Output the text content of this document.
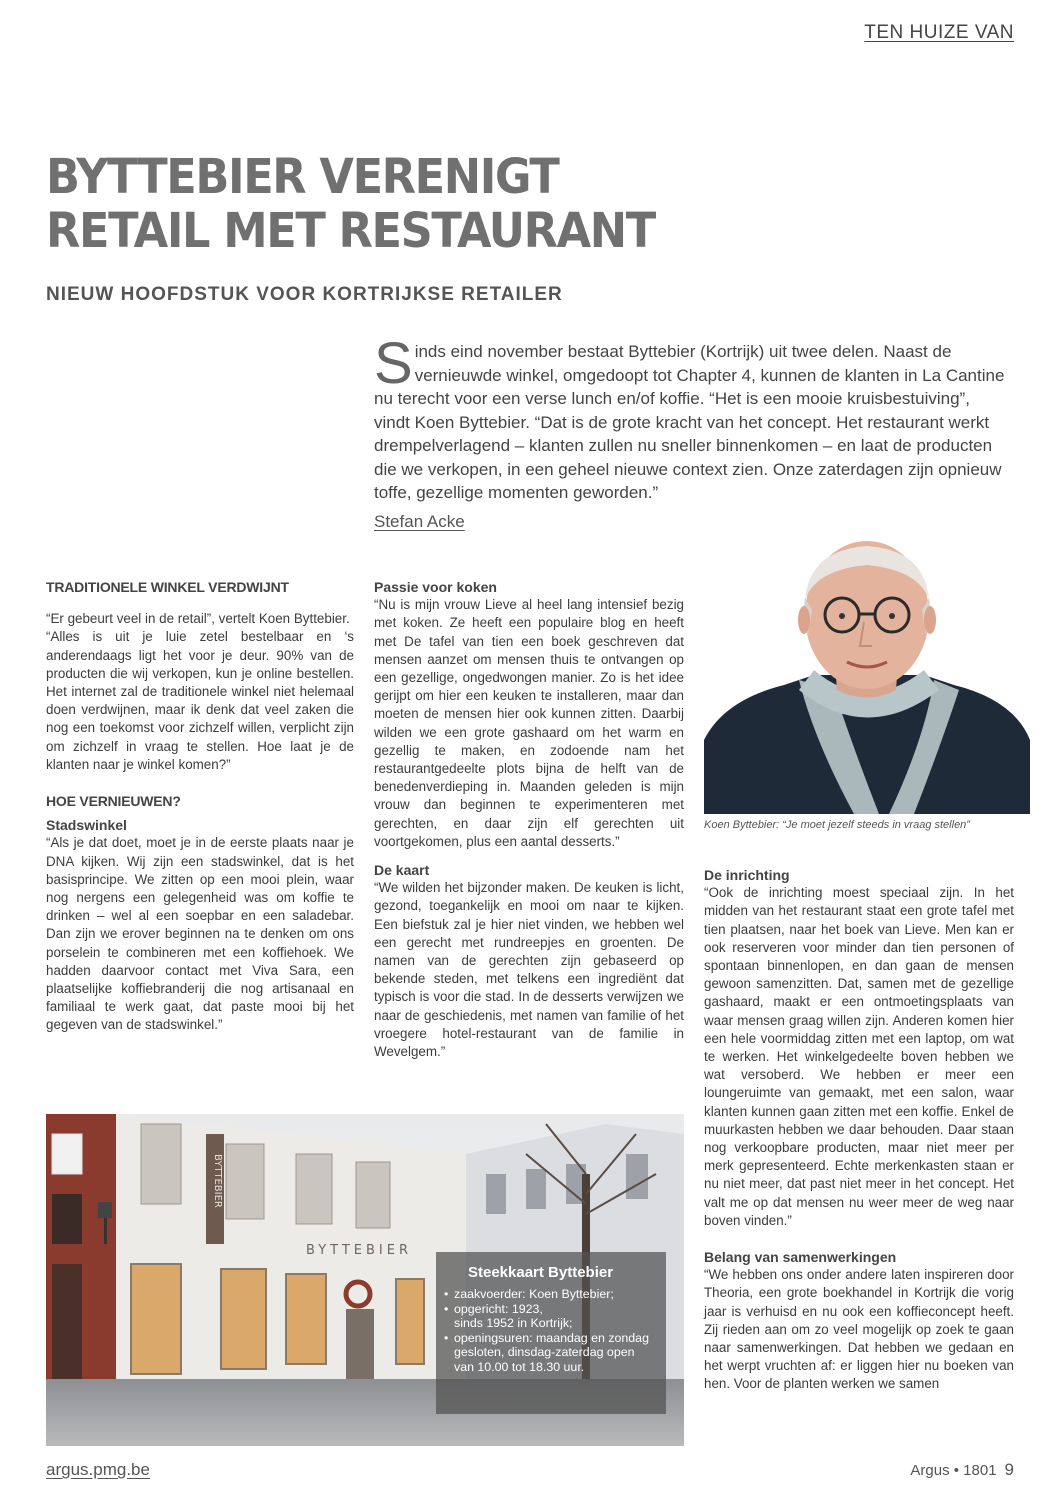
TEN HUIZE VAN
BYTTEBIER VERENIGT
RETAIL MET RESTAURANT
NIEUW HOOFDSTUK VOOR KORTRIJKSE RETAILER
Sinds eind november bestaat Byttebier (Kortrijk) uit twee delen. Naast de vernieuwde winkel, omgedoopt tot Chapter 4, kunnen de klanten in La Cantine nu terecht voor een verse lunch en/of koffie. “Het is een mooie kruisbestuiving”, vindt Koen Byttebier. “Dat is de grote kracht van het concept. Het restaurant werkt drempelverlagend – klanten zullen nu sneller binnenkomen – en laat de producten die we verkopen, in een geheel nieuwe context zien. Onze zaterdagen zijn opnieuw toffe, gezellige momenten geworden.”
Stefan Acke
TRADITIONELE WINKEL VERDWIJNT

“Er gebeurt veel in de retail”, vertelt Koen Byttebier.

“Alles is uit je luie zetel bestelbaar en ‘s anderendaags ligt het voor je deur. 90% van de producten die wij verkopen, kun je online bestellen. Het internet zal de traditionele winkel niet helemaal doen verdwijnen, maar ik denk dat veel zaken die nog een toekomst voor zichzelf willen, verplicht zijn om zichzelf in vraag te stellen. Hoe laat je de klanten naar je winkel komen?”

HOE VERNIEUWEN?
Stadswinkel

“Als je dat doet, moet je in de eerste plaats naar je DNA kijken. Wij zijn een stadswinkel, dat is het basisprincipe. We zitten op een mooi plein, waar nog nergens een gelegenheid was om koffie te drinken – wel al een soepbar en een saladebar. Dan zijn we erover beginnen na te denken om ons porselein te combineren met een koffiehoek. We hadden daarvoor contact met Viva Sara, een plaatselijke koffiebranderij die nog artisanaal en familiaal te werk gaat, dat paste mooi bij het gegeven van de stadswinkel.”

Passie voor koken

“Nu is mijn vrouw Lieve al heel lang intensief bezig met koken. Ze heeft een populaire blog en heeft met De tafel van tien een boek geschreven dat mensen aanzet om mensen thuis te ontvangen op een gezellige, ongedwongen manier. Zo is het idee gerijpt om hier een keuken te installeren, maar dan moeten de mensen hier ook kunnen zitten. Daarbij wilden we een grote gashaard om het warm en gezellig te maken, en zodoende nam het restaurantgedeelte plots bijna de helft van de benedenverdieping in. Maanden geleden is mijn vrouw dan beginnen te experimenteren met gerechten, en daar zijn elf gerechten uit voortgekomen, plus een aantal desserts.”

De kaart

“We wilden het bijzonder maken. De keuken is licht, gezond, toegankelijk en mooi om naar te kijken. Een biefstuk zal je hier niet vinden, we hebben wel een gerecht met rundreepjes en groenten. De namen van de gerechten zijn gebaseerd op bekende steden, met telkens een ingrediënt dat typisch is voor die stad. In de desserts verwijzen we naar de geschiedenis, met namen van familie of het vroegere hotel-restaurant van de familie in Wevelgem.”

Koen Byttebier: “Je moet jezelf steeds in vraag stellen”
De inrichting

“Ook de inrichting moest speciaal zijn. In het midden van het restaurant staat een grote tafel met tien plaatsen, naar het boek van Lieve. Men kan er ook reserveren voor minder dan tien personen of spontaan binnenlopen, en dan gaan de mensen gewoon samenzitten. Dat, samen met de gezellige gashaard, maakt er een ontmoetingsplaats van waar mensen graag willen zijn. Anderen komen hier een hele voormiddag zitten met een laptop, om wat te werken. Het winkelgedeelte boven hebben we wat versoberd. We hebben er meer een loungeruimte van gemaakt, met een salon, waar klanten kunnen gaan zitten met een koffie. Enkel de muurkasten hebben we daar behouden. Daar staan nog verkoopbare producten, maar niet meer per merk gepresenteerd. Echte merkenkasten staan er nu niet meer, dat past niet meer in het concept. Het valt me op dat mensen nu weer meer de weg naar boven vinden.”

Belang van samenwerkingen

“We hebben ons onder andere laten inspireren door Theoria, een grote boekhandel in Kortrijk die vorig jaar is verhuisd en nu ook een koffieconcept heeft. Zij rieden aan om zo veel mogelijk op zoek te gaan naar samenwerkingen. Dat hebben we gedaan en het werpt vruchten af: er liggen hier nu boeken van hen. Voor de planten werken we samen

BYTTEBIER
BYTTEBIER
Steekkaart Byttebier
• zaakvoerder: Koen Byttebier;
• opgericht: 1923,
sinds 1952 in Kortrijk;
• openingsuren: maandag en zondag gesloten, dinsdag-zaterdag open van 10.00 tot 18.30 uur.
argus.pmg.be	Argus • 1801 9
